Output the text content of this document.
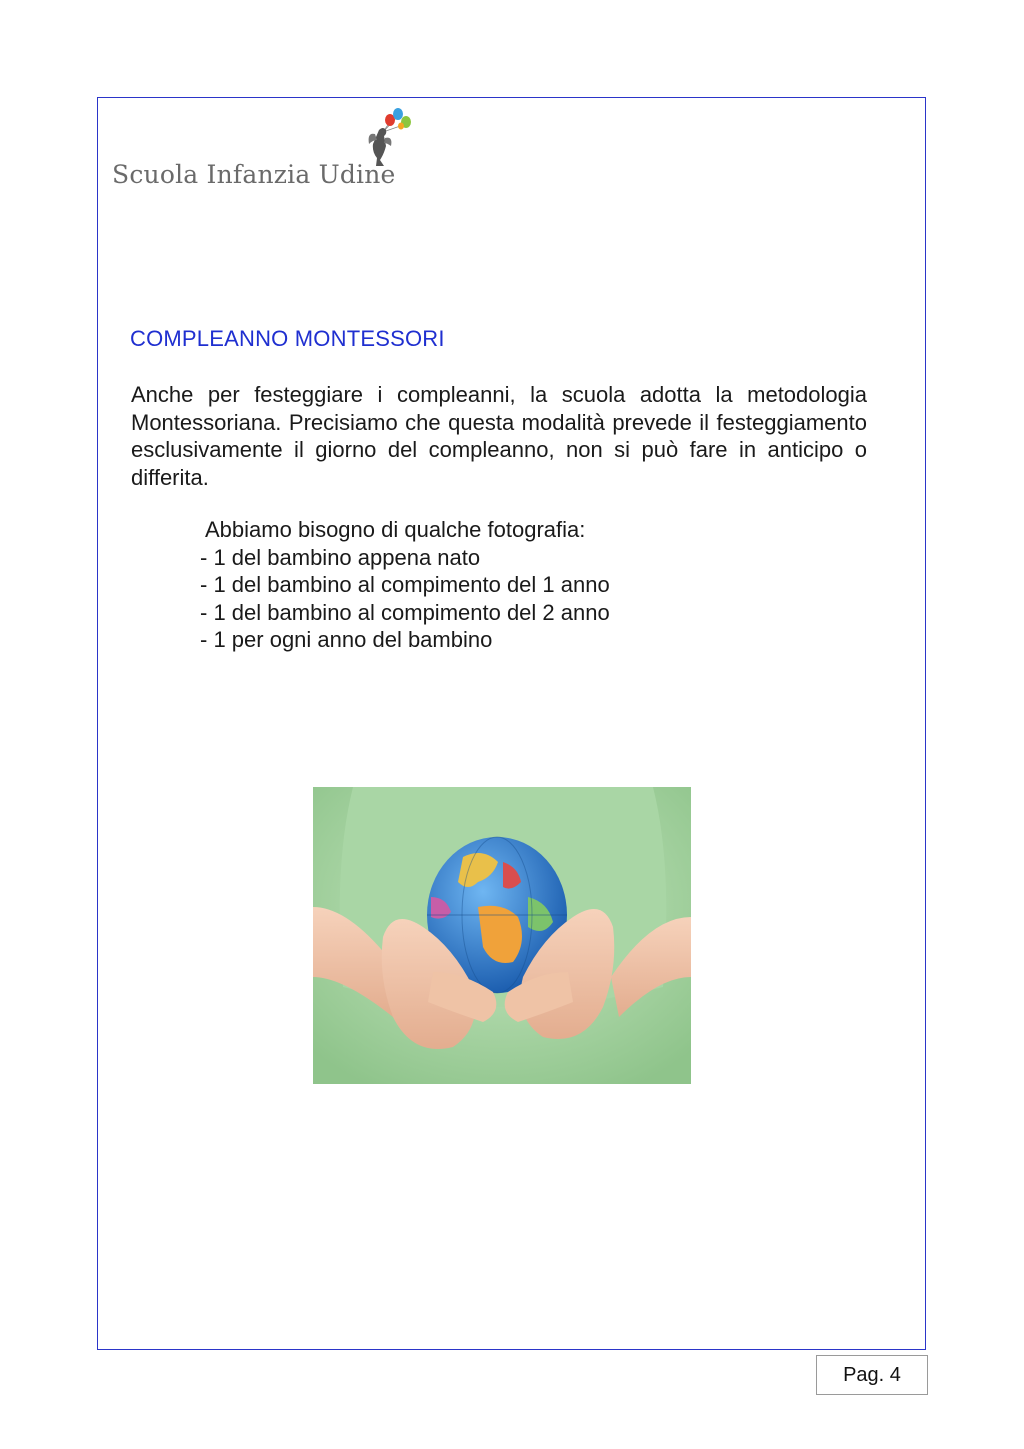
Scuola Infanzia Udine
COMPLEANNO MONTESSORI

Anche per festeggiare i compleanni, la scuola adotta la metodologia Montessoriana. Precisiamo che questa modalità prevede il festeggiamento esclusivamente il giorno del compleanno, non si può fare in anticipo o differita.

Abbiamo bisogno di qualche fotografia:
- 1 del bambino appena nato
- 1 del bambino al compimento del 1 anno
- 1 del bambino al compimento del 2 anno
- 1 per ogni anno del bambino
Pag. 4
